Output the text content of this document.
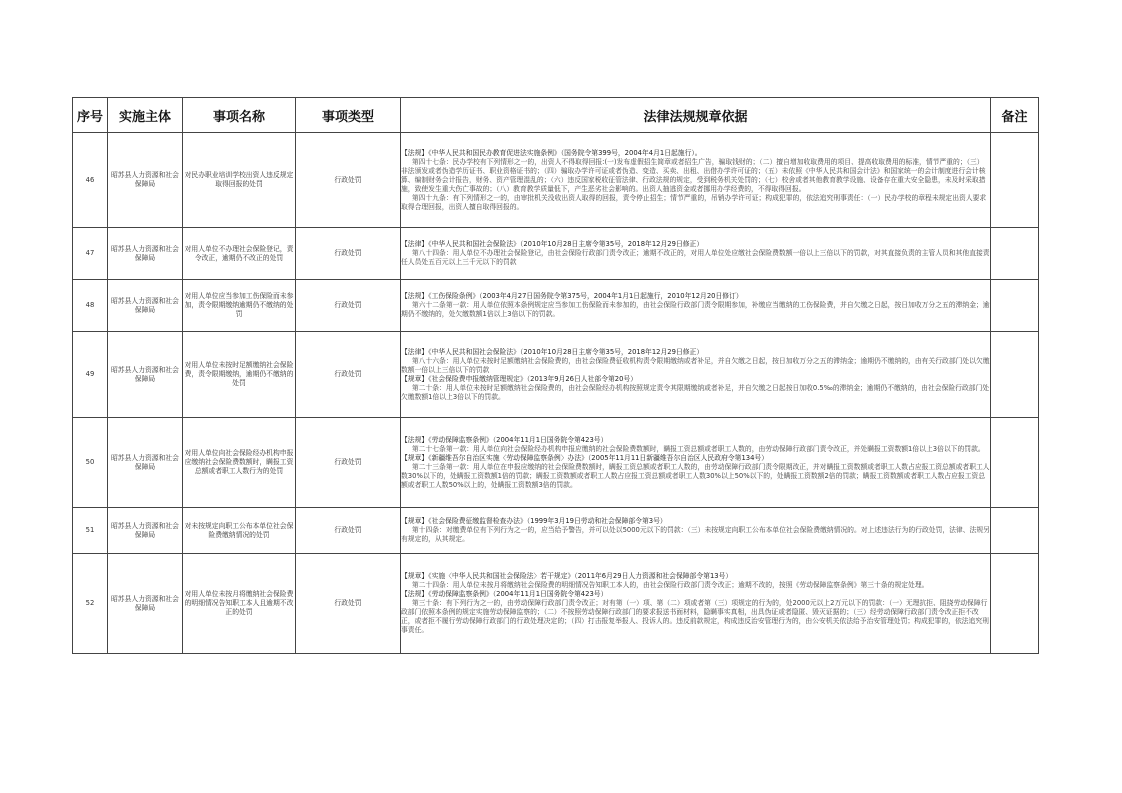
序号	实施主体	事项名称	事项类型	法律法规规章依据	备注
46	昭苏县人力资源和社会保障局	对民办职业培训学校出资人违反规定取得回报的处罚	行政处罚	【法规】《中华人民共和国民办教育促进法实施条例》（国务院令第399号，2004年4月1日起施行）。

第四十七条：民办学校有下列情形之一的，出资人不得取得回报:(一)发布虚假招生简章或者招生广告，骗取钱财的；（二）擅自增加收取费用的项目、提高收取费用的标准，情节严重的；（三）非法颁发或者伪造学历证书、职业资格证书的；（四）骗取办学许可证或者伪造、变造、买卖、出租、出借办学许可证的；（五）未依照《中华人民共和国会计法》和国家统一的会计制度进行会计核算、编制财务会计报告，财务、资产管理混乱的；（六）违反国家税收征管法律、行政法规的规定，受到税务机关处罚的；（七）校舍或者其他教育教学设施、设备存在重大安全隐患，未及时采取措施，致使发生重大伤亡事故的；（八）教育教学质量低下，产生恶劣社会影响的。出资人抽逃资金或者挪用办学经费的，不得取得回报。

第四十九条：有下列情形之一的，由审批机关没收出资人取得的回报，责令停止招生；情节严重的，吊销办学许可证；构成犯罪的，依法追究刑事责任：（一）民办学校的章程未规定出资人要求取得合理回报，出资人擅自取得回报的。	

47	昭苏县人力资源和社会保障局	对用人单位不办理社会保险登记，责令改正，逾期仍不改正的处罚	行政处罚	【法律】《中华人民共和国社会保险法》（2010年10月28日主席令第35号，2018年12月29日修正）

第八十四条：用人单位不办理社会保险登记，由社会保险行政部门责令改正；逾期不改正的，对用人单位处应缴社会保险费数额一倍以上三倍以下的罚款，对其直接负责的主管人员和其他直接责任人员处五百元以上三千元以下的罚款	

48	昭苏县人力资源和社会保障局	对用人单位应当参加工伤保险而未参加，责令限期缴纳逾期仍不缴纳的处罚	行政处罚	【法规】《工伤保险条例》（2003年4月27日国务院令第375号，2004年1月1日起施行，2010年12月20日修订）

第六十二条第一款：用人单位依照本条例规定应当参加工伤保险而未参加的，由社会保险行政部门责令限期参加，补缴应当缴纳的工伤保险费，并自欠缴之日起，按日加收万分之五的滞纳金；逾期仍不缴纳的，处欠缴数额1倍以上3倍以下的罚款。	

49	昭苏县人力资源和社会保障局	对用人单位未按时足额缴纳社会保险费，责令限期缴纳，逾期仍不缴纳的处罚	行政处罚	【法律】《中华人民共和国社会保险法》（2010年10月28日主席令第35号，2018年12月29日修正）

第八十六条：用人单位未按时足额缴纳社会保险费的，由社会保险费征收机构责令限期缴纳或者补足，并自欠缴之日起，按日加收万分之五的滞纳金；逾期仍不缴纳的，由有关行政部门处以欠缴数额一倍以上三倍以下的罚款

【规章】《社会保险费申报缴纳管理规定》（2013年9月26日人社部令第20号）

第二十条：用人单位未按时足额缴纳社会保险费的，由社会保险经办机构按照规定责令其限期缴纳或者补足，并自欠缴之日起按日加收0.5‰的滞纳金；逾期仍不缴纳的，由社会保险行政部门处欠缴数额1倍以上3倍以下的罚款。	

50	昭苏县人力资源和社会保障局	对用人单位向社会保险经办机构申报应缴纳社会保险费数额时，瞒报工资总额或者职工人数行为的处罚	行政处罚	【法规】《劳动保障监察条例》（2004年11月1日国务院令第423号）

第二十七条第一款：用人单位向社会保险经办机构申报应缴纳的社会保险费数额时，瞒报工资总额或者职工人数的，由劳动保障行政部门责令改正，并处瞒报工资数额1倍以上3倍以下的罚款。

【规章】《新疆维吾尔自治区实施〈劳动保障监察条例〉办法》（2005年11月11日新疆维吾尔自治区人民政府令第134号）

第二十三条第一款：用人单位在申报应缴纳的社会保险费数额时，瞒报工资总额或者职工人数的，由劳动保障行政部门责令限期改正，并对瞒报工资数额或者职工人数占应报工资总额或者职工人数30%以下的，处瞒报工资数额1倍的罚款；瞒报工资数额或者职工人数占应报工资总额或者职工人数30%以上50%以下的，处瞒报工资数额2倍的罚款；瞒报工资数额或者职工人数占应报工资总额或者职工人数50%以上的，处瞒报工资数额3倍的罚款。	

51	昭苏县人力资源和社会保障局	对未按规定向职工公布本单位社会保险费缴纳情况的处罚	行政处罚	【规章】《社会保险费征缴监督检查办法》（1999年3月19日劳动和社会保障部令第3号）

第十四条：对缴费单位有下列行为之一的，应当给予警告，并可以处以5000元以下的罚款：（三）未按规定向职工公布本单位社会保险费缴纳情况的。对上述违法行为的行政处罚，法律、法规另有规定的，从其规定。	

52	昭苏县人力资源和社会保障局	对用人单位未按月将缴纳社会保险费的明细情况告知职工本人且逾期不改正的处罚	行政处罚	【规章】《实施〈中华人民共和国社会保险法〉若干规定》（2011年6月29日人力资源和社会保障部令第13号）

第二十四条：用人单位未按月将缴纳社会保险费的明细情况告知职工本人的，由社会保险行政部门责令改正；逾期不改的，按照《劳动保障监察条例》第三十条的规定处理。

【法规】《劳动保障监察条例》（2004年11月1日国务院令第423号）

第三十条：有下列行为之一的，由劳动保障行政部门责令改正；对有第（一）项、第（二）项或者第（三）项规定的行为的，处2000元以上2万元以下的罚款：（一）无理抗拒、阻挠劳动保障行政部门依照本条例的规定实施劳动保障监察的；（二）不按照劳动保障行政部门的要求报送书面材料，隐瞒事实真相，出具伪证或者隐匿、毁灭证据的；（三）经劳动保障行政部门责令改正拒不改正，或者拒不履行劳动保障行政部门的行政处理决定的；（四）打击报复举报人、投诉人的。违反前款规定，构成违反治安管理行为的，由公安机关依法给予治安管理处罚；构成犯罪的，依法追究刑事责任。	
